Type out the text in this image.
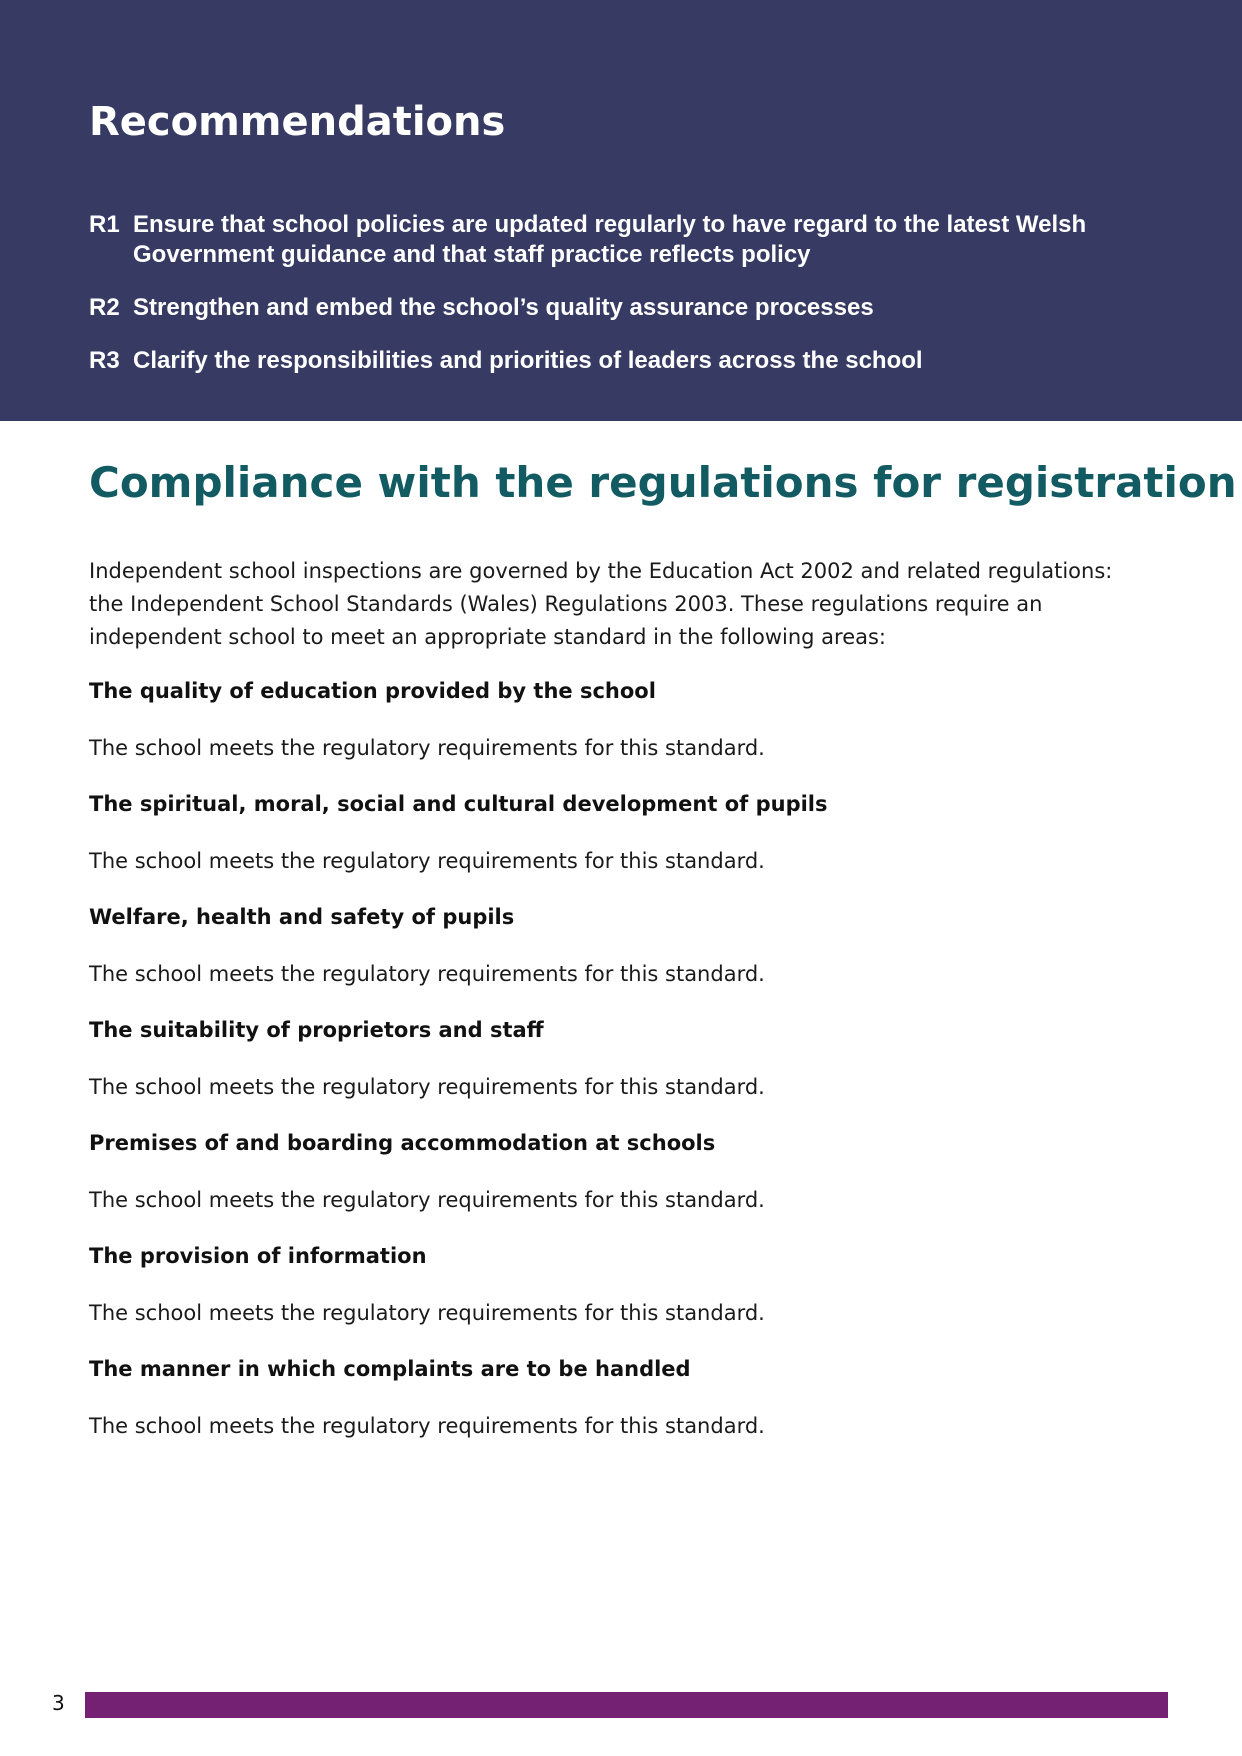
Recommendations
R1 Ensure that school policies are updated regularly to have regard to the latest Welsh Government guidance and that staff practice reflects policy
R2 Strengthen and embed the school’s quality assurance processes
R3 Clarify the responsibilities and priorities of leaders across the school
Compliance with the regulations for registration

Independent school inspections are governed by the Education Act 2002 and related regulations: the Independent School Standards (Wales) Regulations 2003. These regulations require an independent school to meet an appropriate standard in the following areas:

The quality of education provided by the school

The school meets the regulatory requirements for this standard.

The spiritual, moral, social and cultural development of pupils

The school meets the regulatory requirements for this standard.

Welfare, health and safety of pupils

The school meets the regulatory requirements for this standard.

The suitability of proprietors and staff

The school meets the regulatory requirements for this standard.

Premises of and boarding accommodation at schools

The school meets the regulatory requirements for this standard.

The provision of information

The school meets the regulatory requirements for this standard.

The manner in which complaints are to be handled

The school meets the regulatory requirements for this standard.

3
